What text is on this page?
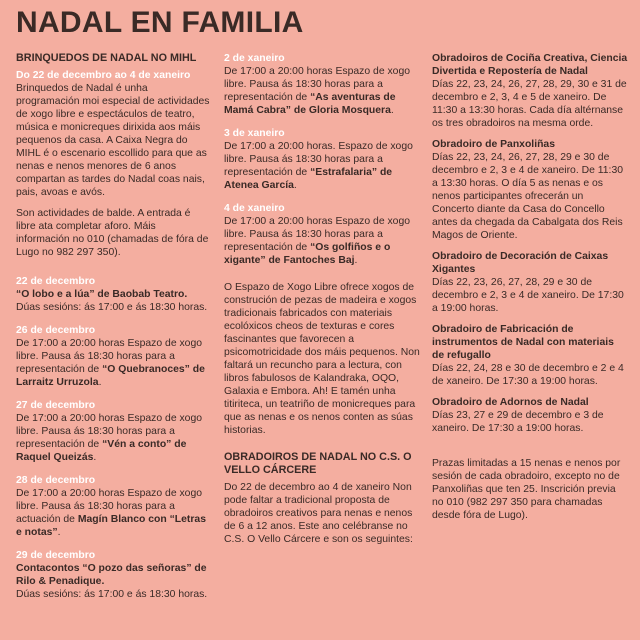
NADAL EN FAMILIA
BRINQUEDOS DE NADAL NO MIHL
Do 22 de decembro ao 4 de xaneiro

Brinquedos de Nadal é unha programación moi especial de actividades de xogo libre e espectáculos de teatro, música e monicreques dirixida aos máis pequenos da casa. A Caixa Negra do MIHL é o escenario escollido para que as nenas e nenos menores de 6 anos compartan as tardes do Nadal coas nais, pais, avoas e avós.

Son actividades de balde. A entrada é libre ata completar aforo. Máis información no 010 (chamadas de fóra de Lugo no 982 297 350).

22 de decembro

“O lobo e a lúa” de Baobab Teatro.
Dúas sesións: ás 17:00 e ás 18:30 horas.

26 de decembro

De 17:00 a 20:00 horas Espazo de xogo libre. Pausa ás 18:30 horas para a representación de “O Quebranoces” de Larraitz Urruzola.

27 de decembro

De 17:00 a 20:00 horas Espazo de xogo libre. Pausa ás 18:30 horas para a representación de “Vén a conto” de Raquel Queizás.

28 de decembro

De 17:00 a 20:00 horas Espazo de xogo libre. Pausa ás 18:30 horas para a actuación de Magín Blanco con “Letras e notas”.

29 de decembro

Contacontos “O pozo das señoras” de Rilo & Penadique.
Dúas sesións: ás 17:00 e ás 18:30 horas.

2 de xaneiro

De 17:00 a 20:00 horas Espazo de xogo libre. Pausa ás 18:30 horas para a representación de “As aventuras de Mamá Cabra” de Gloria Mosquera.

3 de xaneiro

De 17:00 a 20:00 horas. Espazo de xogo libre. Pausa ás 18:30 horas para a representación de “Estrafalaria” de Atenea García.

4 de xaneiro

De 17:00 a 20:00 horas Espazo de xogo libre. Pausa ás 18:30 horas para a representación de “Os golfiños e o xigante” de Fantoches Baj.

O Espazo de Xogo Libre ofrece xogos de construción de pezas de madeira e xogos tradicionais fabricados con materiais ecolóxicos cheos de texturas e cores fascinantes que favorecen a psicomotricidade dos máis pequenos. Non faltará un recuncho para a lectura, con libros fabulosos de Kalandraka, OQO, Galaxia e Embora. Ah! E tamén unha titiriteca, un teatriño de monicreques para que as nenas e os nenos conten as súas historias.

OBRADOIROS DE NADAL NO C.S. O VELLO CÁRCERE

Do 22 de decembro ao 4 de xaneiro Non pode faltar a tradicional proposta de obradoiros creativos para nenas e nenos de 6 a 12 anos. Este ano celébranse no C.S. O Vello Cárcere e son os seguintes:

Obradoiros de Cociña Creativa, Ciencia Divertida e Repostería de Nadal

Días 22, 23, 24, 26, 27, 28, 29, 30 e 31 de decembro e 2, 3, 4 e 5 de xaneiro. De 11:30 a 13:30 horas. Cada día altérnanse os tres obradoiros na mesma orde.

Obradoiro de Panxoliñas

Días 22, 23, 24, 26, 27, 28, 29 e 30 de decembro e 2, 3 e 4 de xaneiro. De 11:30 a 13:30 horas. O día 5 as nenas e os nenos participantes ofrecerán un Concerto diante da Casa do Concello antes da chegada da Cabalgata dos Reis Magos de Oriente.

Obradoiro de Decoración de Caixas Xigantes

Días 22, 23, 26, 27, 28, 29 e 30 de decembro e 2, 3 e 4 de xaneiro. De 17:30 a 19:00 horas.

Obradoiro de Fabricación de instrumentos de Nadal con materiais de refugallo

Días 22, 24, 28 e 30 de decembro e 2 e 4 de xaneiro. De 17:30 a 19:00 horas.

Obradoiro de Adornos de Nadal

Días 23, 27 e 29 de decembro e 3 de xaneiro. De 17:30 a 19:00 horas.

Prazas limitadas a 15 nenas e nenos por sesión de cada obradoiro, excepto no de Panxoliñas que ten 25. Inscrición previa no 010 (982 297 350 para chamadas desde fóra de Lugo).
